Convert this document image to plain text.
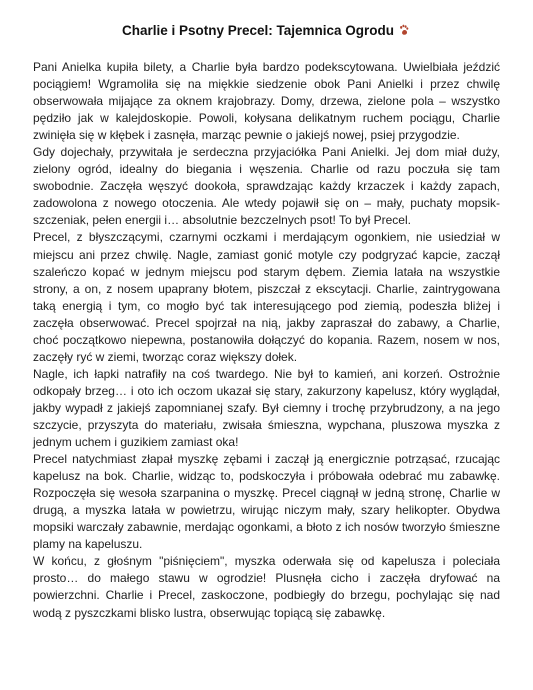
Charlie i Psotny Precel: Tajemnica Ogrodu

Pani Anielka kupiła bilety, a Charlie była bardzo podekscytowana. Uwielbiała jeździć pociągiem! Wgramoliła się na miękkie siedzenie obok Pani Anielki i przez chwilę obserwowała mijające za oknem krajobrazy. Domy, drzewa, zielone pola – wszystko pędziło jak w kalejdoskopie. Powoli, kołysana delikatnym ruchem pociągu, Charlie zwinięła się w kłębek i zasnęła, marząc pewnie o jakiejś nowej, psiej przygodzie.

Gdy dojechały, przywitała je serdeczna przyjaciółka Pani Anielki. Jej dom miał duży, zielony ogród, idealny do biegania i węszenia. Charlie od razu poczuła się tam swobodnie. Zaczęła węszyć dookoła, sprawdzając każdy krzaczek i każdy zapach, zadowolona z nowego otoczenia. Ale wtedy pojawił się on – mały, puchaty mopsik-szczeniak, pełen energii i… absolutnie bezczelnych psot! To był Precel.

Precel, z błyszczącymi, czarnymi oczkami i merdającym ogonkiem, nie usiedział w miejscu ani przez chwilę. Nagle, zamiast gonić motyle czy podgryzać kapcie, zaczął szaleńczo kopać w jednym miejscu pod starym dębem. Ziemia latała na wszystkie strony, a on, z nosem upaprany błotem, piszczał z ekscytacji. Charlie, zaintrygowana taką energią i tym, co mogło być tak interesującego pod ziemią, podeszła bliżej i zaczęła obserwować. Precel spojrzał na nią, jakby zapraszał do zabawy, a Charlie, choć początkowo niepewna, postanowiła dołączyć do kopania. Razem, nosem w nos, zaczęły ryć w ziemi, tworząc coraz większy dołek.

Nagle, ich łapki natrafiły na coś twardego. Nie był to kamień, ani korzeń. Ostrożnie odkopały brzeg… i oto ich oczom ukazał się stary, zakurzony kapelusz, który wyglądał, jakby wypadł z jakiejś zapomnianej szafy. Był ciemny i trochę przybrudzony, a na jego szczycie, przyszyta do materiału, zwisała śmieszna, wypchana, pluszowa myszka z jednym uchem i guzikiem zamiast oka!

Precel natychmiast złapał myszkę zębami i zaczął ją energicznie potrząsać, rzucając kapelusz na bok. Charlie, widząc to, podskoczyła i próbowała odebrać mu zabawkę. Rozpoczęła się wesoła szarpanina o myszkę. Precel ciągnął w jedną stronę, Charlie w drugą, a myszka latała w powietrzu, wirując niczym mały, szary helikopter. Obydwa mopsiki warczały zabawnie, merdając ogonkami, a błoto z ich nosów tworzyło śmieszne plamy na kapeluszu.

W końcu, z głośnym "piśnięciem", myszka oderwała się od kapelusza i poleciała prosto… do małego stawu w ogrodzie! Plusnęła cicho i zaczęła dryfować na powierzchni. Charlie i Precel, zaskoczone, podbiegły do brzegu, pochylając się nad wodą z pyszczkami blisko lustra, obserwując topiącą się zabawkę.
